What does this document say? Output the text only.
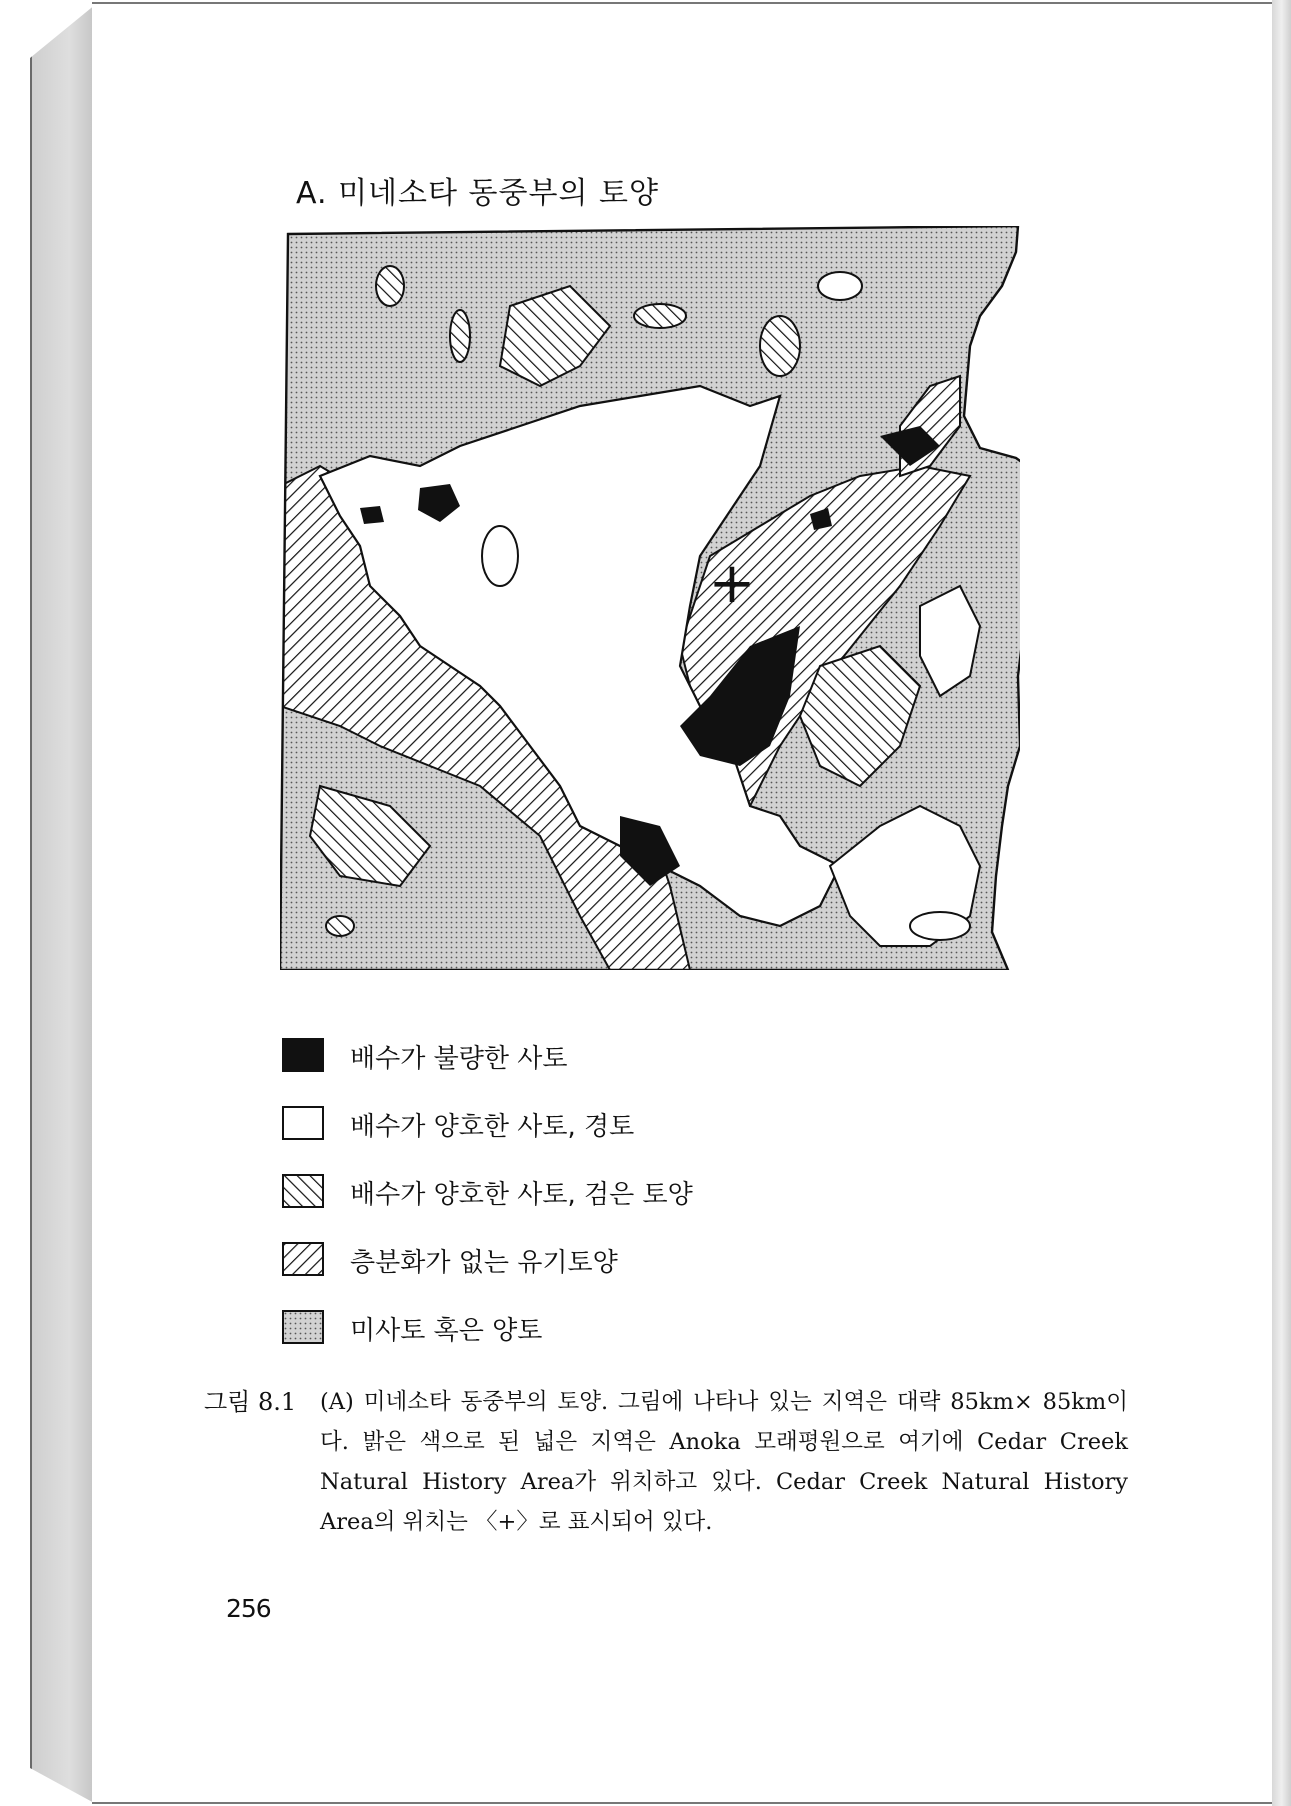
A. 미네소타 동중부의 토양
+
배수가 불량한 사토
배수가 양호한 사토, 경토
배수가 양호한 사토, 검은 토양
층분화가 없는 유기토양
미사토 혹은 양토
그림 8.1 (A) 미네소타 동중부의 토양. 그림에 나타나 있는 지역은 대략 85km× 85km이다. 밝은 색으로 된 넓은 지역은 Anoka 모래평원으로 여기에 Cedar Creek Natural History Area가 위치하고 있다. Cedar Creek Natural History Area의 위치는 〈+〉로 표시되어 있다.
256
